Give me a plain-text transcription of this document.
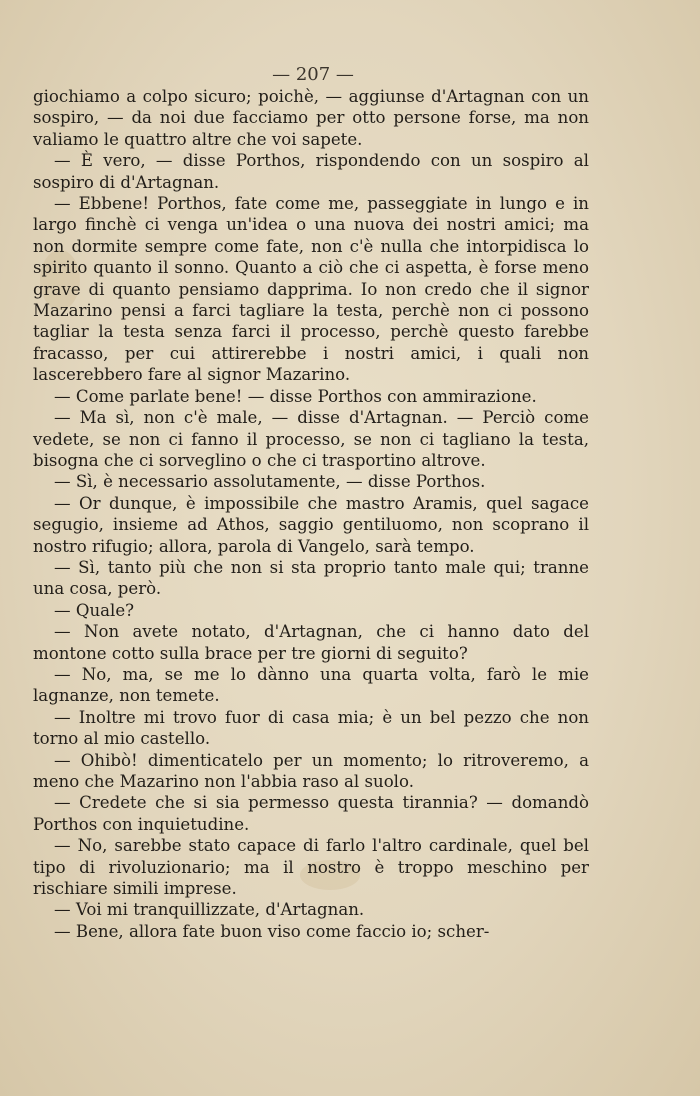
— 207 —

giochiamo a colpo sicuro; poichè, — aggiunse d'Artagnan con un sospiro, — da noi due facciamo per otto persone forse, ma non valiamo le quattro altre che voi sapete.

— È vero, — disse Porthos, rispondendo con un sospiro al sospiro di d'Artagnan.

— Ebbene! Porthos, fate come me, passeggiate in lungo e in largo finchè ci venga un'idea o una nuova dei nostri amici; ma non dormite sempre come fate, non c'è nulla che intorpidisca lo spirito quanto il sonno. Quanto a ciò che ci aspetta, è forse meno grave di quanto pensiamo dapprima. Io non credo che il signor Mazarino pensi a farci tagliare la testa, perchè non ci possono tagliar la testa senza farci il processo, perchè questo farebbe fracasso, per cui attirerebbe i nostri amici, i quali non lascerebbero fare al signor Mazarino.

— Come parlate bene! — disse Porthos con ammirazione.

— Ma sì, non c'è male, — disse d'Artagnan. — Perciò come vedete, se non ci fanno il processo, se non ci tagliano la testa, bisogna che ci sorveglino o che ci trasportino altrove.

— Sì, è necessario assolutamente, — disse Porthos.

— Or dunque, è impossibile che mastro Aramis, quel sagace segugio, insieme ad Athos, saggio gentiluomo, non scoprano il nostro rifugio; allora, parola di Vangelo, sarà tempo.

— Sì, tanto più che non si sta proprio tanto male qui; tranne una cosa, però.

— Quale?

— Non avete notato, d'Artagnan, che ci hanno dato del montone cotto sulla brace per tre giorni di seguito?

— No, ma, se me lo dànno una quarta volta, farò le mie lagnanze, non temete.

— Inoltre mi trovo fuor di casa mia; è un bel pezzo che non torno al mio castello.

— Ohibò! dimenticatelo per un momento; lo ritroveremo, a meno che Mazarino non l'abbia raso al suolo.

— Credete che si sia permesso questa tirannia? — domandò Porthos con inquietudine.

— No, sarebbe stato capace di farlo l'altro cardinale, quel bel tipo di rivoluzionario; ma il nostro è troppo meschino per rischiare simili imprese.

— Voi mi tranquillizzate, d'Artagnan.

— Bene, allora fate buon viso come faccio io; scher-
